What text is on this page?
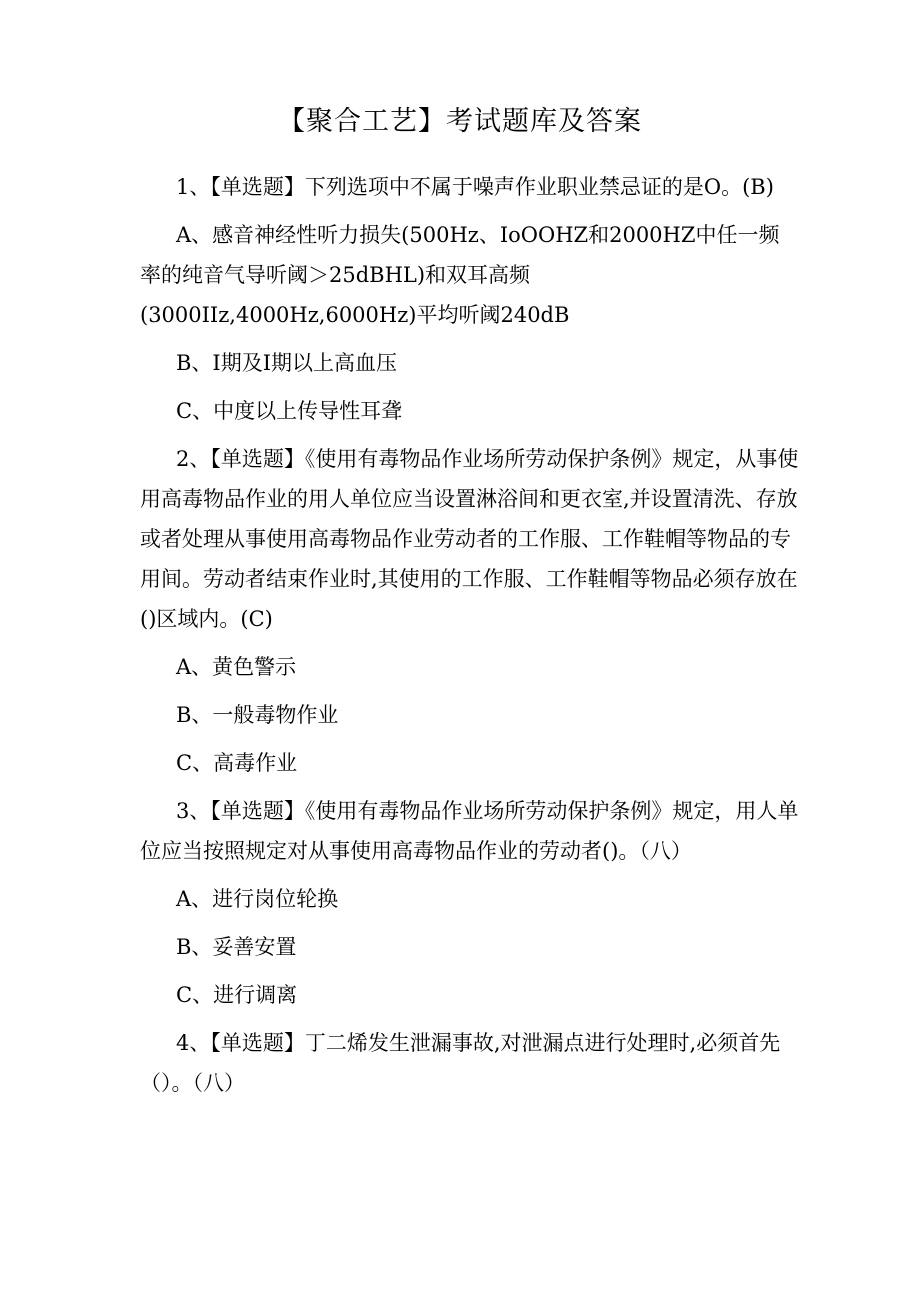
【聚合工艺】考试题库及答案

1、【单选题】下列选项中不属于噪声作业职业禁忌证的是O。(B)

A、感音神经性听力损失(500Hz、IoOOHZ和2000HZ中任一频率的纯音气导听阈＞25dBHL)和双耳高频(3000IIz,4000Hz,6000Hz)平均听阈240dB

B、I期及I期以上高血压

C、中度以上传导性耳聋

2、【单选题】《使用有毒物品作业场所劳动保护条例》规定，从事使用高毒物品作业的用人单位应当设置淋浴间和更衣室,并设置清洗、存放或者处理从事使用高毒物品作业劳动者的工作服、工作鞋帽等物品的专用间。劳动者结束作业时,其使用的工作服、工作鞋帽等物品必须存放在()区域内。(C)

A、黄色警示

B、一般毒物作业

C、高毒作业

3、【单选题】《使用有毒物品作业场所劳动保护条例》规定，用人单位应当按照规定对从事使用高毒物品作业的劳动者()。（八）

A、进行岗位轮换

B、妥善安置

C、进行调离

4、【单选题】丁二烯发生泄漏事故,对泄漏点进行处理时,必须首先（）。（八）
